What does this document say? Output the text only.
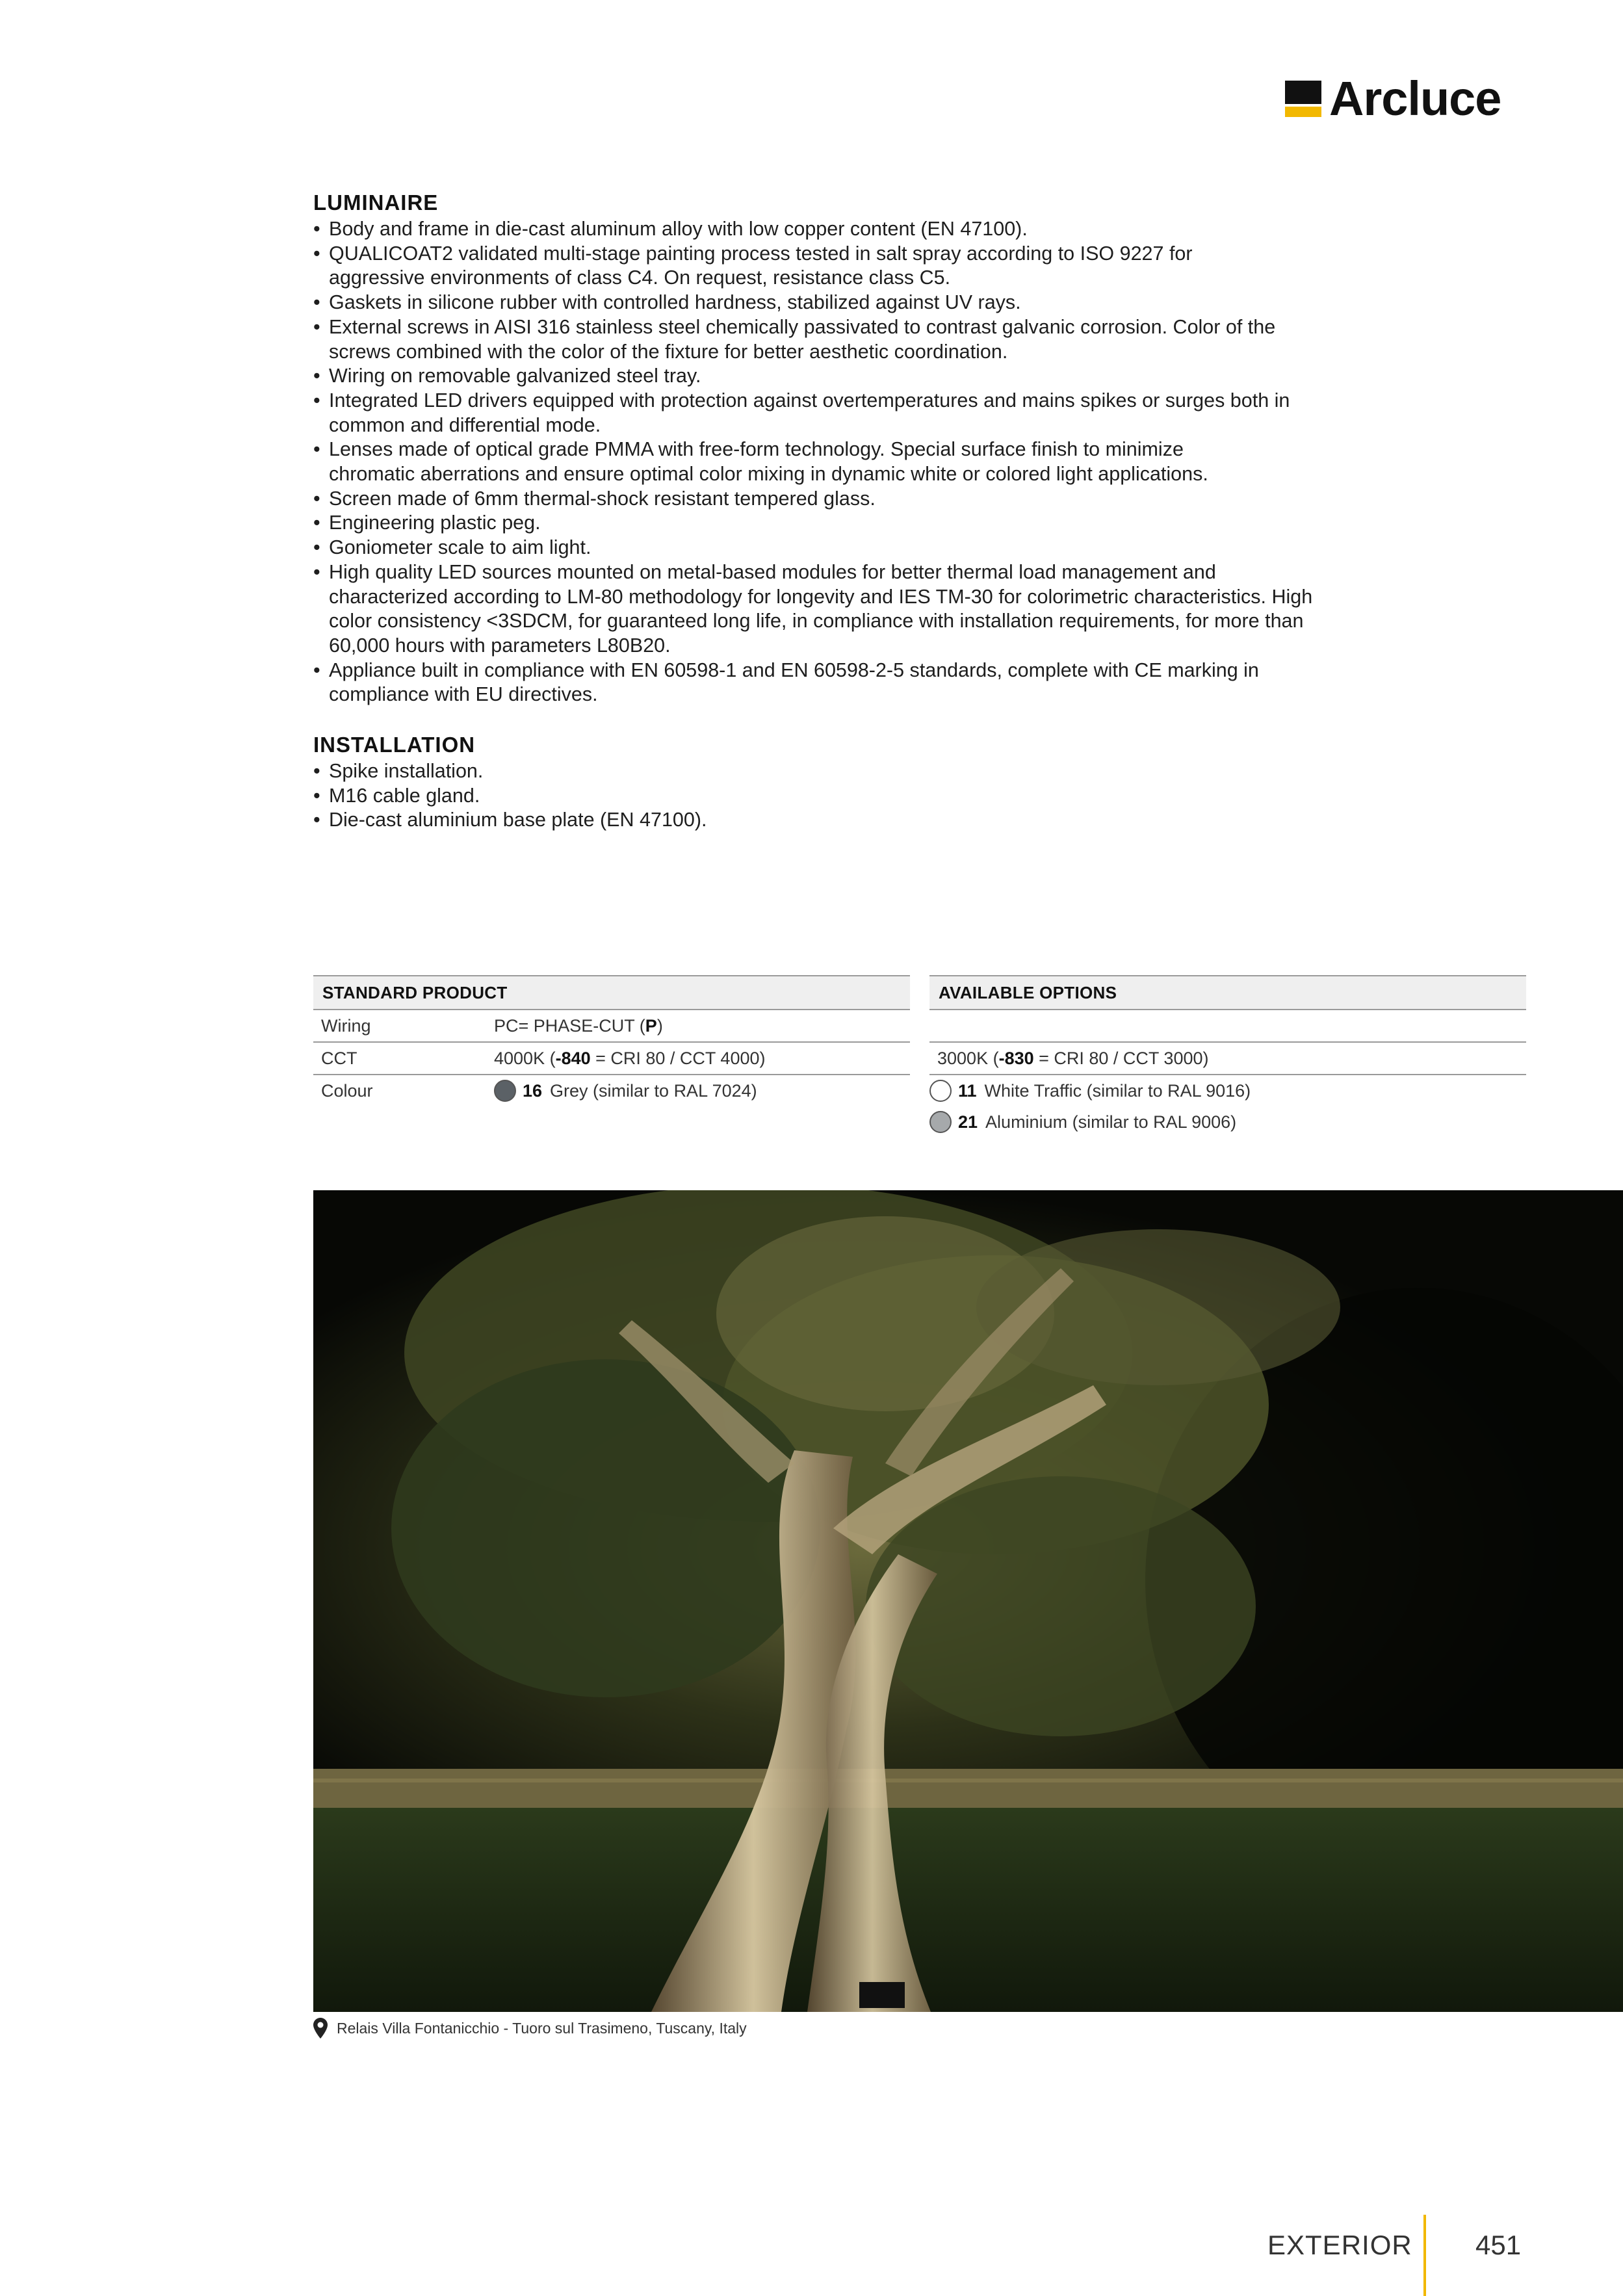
Arcluce
LUMINAIRE
• Body and frame in die-cast aluminum alloy with low copper content (EN 47100).
• QUALICOAT2 validated multi-stage painting process tested in salt spray according to ISO 9227 for aggressive environments of class C4. On request, resistance class C5.
• Gaskets in silicone rubber with controlled hardness, stabilized against UV rays.
• External screws in AISI 316 stainless steel chemically passivated to contrast galvanic corrosion. Color of the screws combined with the color of the fixture for better aesthetic coordination.
• Wiring on removable galvanized steel tray.
• Integrated LED drivers equipped with protection against overtemperatures and mains spikes or surges both in common and differential mode.
• Lenses made of optical grade PMMA with free-form technology. Special surface finish to minimize chromatic aberrations and ensure optimal color mixing in dynamic white or colored light applications.
• Screen made of 6mm thermal-shock resistant tempered glass.
• Engineering plastic peg.
• Goniometer scale to aim light.
• High quality LED sources mounted on metal-based modules for better thermal load management and characterized according to LM-80 methodology for longevity and IES TM-30 for colorimetric characteristics. High color consistency <3SDCM, for guaranteed long life, in compliance with installation requirements, for more than 60,000 hours with parameters L80B20.
• Appliance built in compliance with EN 60598-1 and EN 60598-2-5 standards, complete with CE marking in compliance with EU directives.
INSTALLATION
• Spike installation.
• M16 cable gland.
• Die-cast aluminium base plate (EN 47100).
STANDARD PRODUCT
Wiring	PC= PHASE-CUT ( P )
CCT	4000K ( -840 = CRI 80 / CCT 4000)
Colour	16 Grey (similar to RAL 7024)
AVAILABLE OPTIONS
3000K ( -830 = CRI 80 / CCT 3000)
11 White Traffic (similar to RAL 9016)
21 Aluminium (similar to RAL 9006)
Relais Villa Fontanicchio - Tuoro sul Trasimeno, Tuscany, Italy
EXTERIOR 451
